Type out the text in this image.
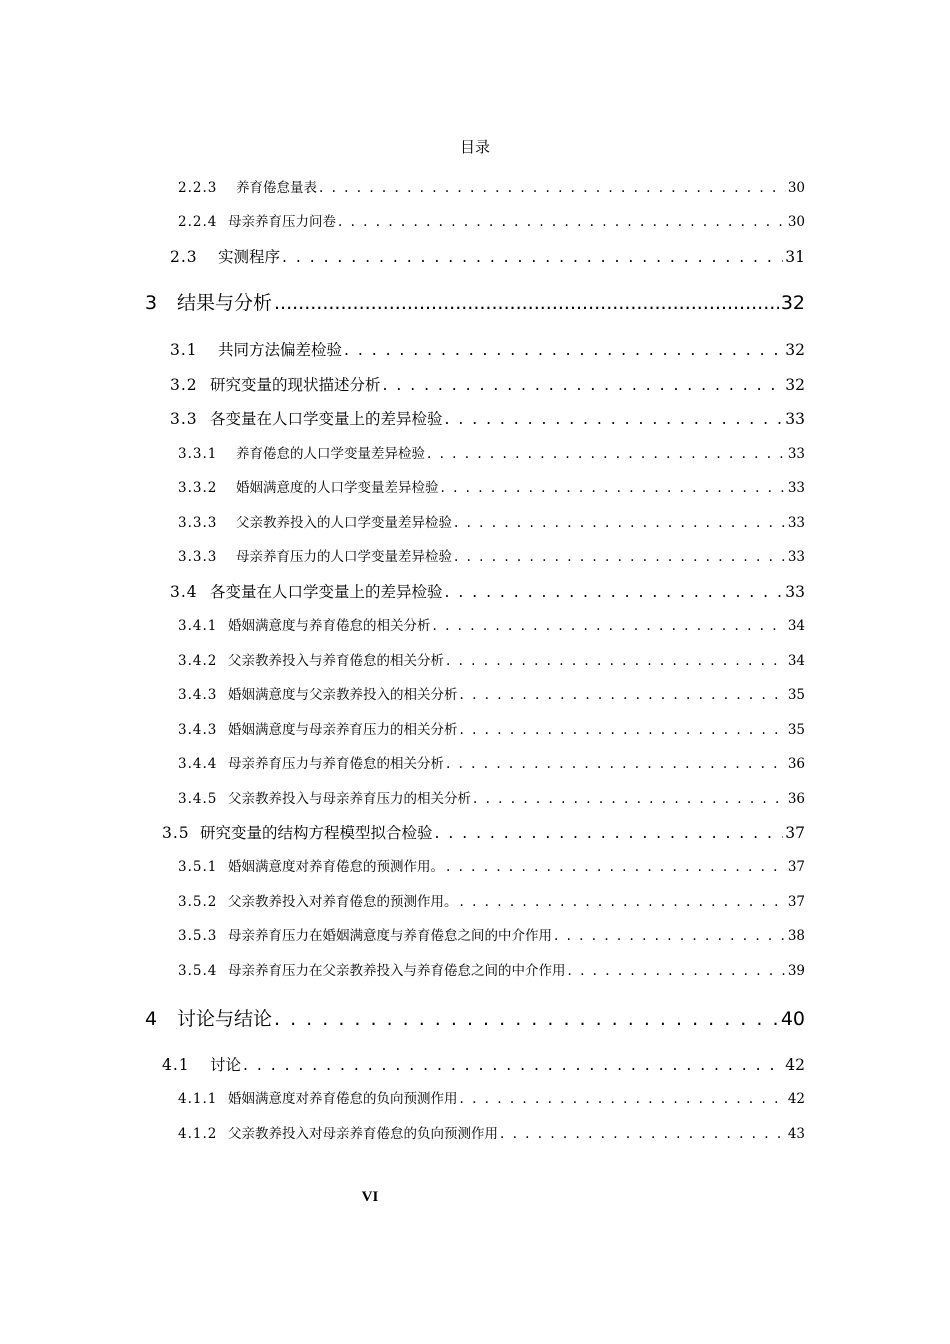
目录
2.2.3	养育倦怠量表 . . .	30
2.2.4 母亲养育压力问卷 . . .	30
2.3	实测程序 . . .	31
3	结果与分析 .....	32
3.1	共同方法偏差检验 . . .	32
3.2 研究变量的现状描述分析 . . .	32
3.3 各变量在人口学变量上的差异检验 . . .	33
3.3.1	养育倦怠的人口学变量差异检验 . . .	33
3.3.2	婚姻满意度的人口学变量差异检验 . . .	33
3.3.3	父亲教养投入的人口学变量差异检验 . . .	33
3.3.3	母亲养育压力的人口学变量差异检验 . . .	33
3.4 各变量在人口学变量上的差异检验 . . .	33
3.4.1 婚姻满意度与养育倦怠的相关分析 . . .	34
3.4.2 父亲教养投入与养育倦怠的相关分析 . . .	34
3.4.3 婚姻满意度与父亲教养投入的相关分析 . . .	35
3.4.3 婚姻满意度与母亲养育压力的相关分析 . . .	35
3.4.4 母亲养育压力与养育倦怠的相关分析 . . .	36
3.4.5 父亲教养投入与母亲养育压力的相关分析 . . .	36
3.5 研究变量的结构方程模型拟合检验 . . .	37
3.5.1 婚姻满意度对养育倦怠的预测作用。 . . .	37
3.5.2 父亲教养投入对养育倦怠的预测作用。 . . .	37
3.5.3 母亲养育压力在婚姻满意度与养育倦怠之间的中介作用 . . .	38
3.5.4 母亲养育压力在父亲教养投入与养育倦怠之间的中介作用 . . .	39
4	讨论与结论 . . .	40
4.1	讨论 . . .	42
4.1.1 婚姻满意度对养育倦怠的负向预测作用 . . .	42
4.1.2 父亲教养投入对母亲养育倦怠的负向预测作用 . . .	43
VI
